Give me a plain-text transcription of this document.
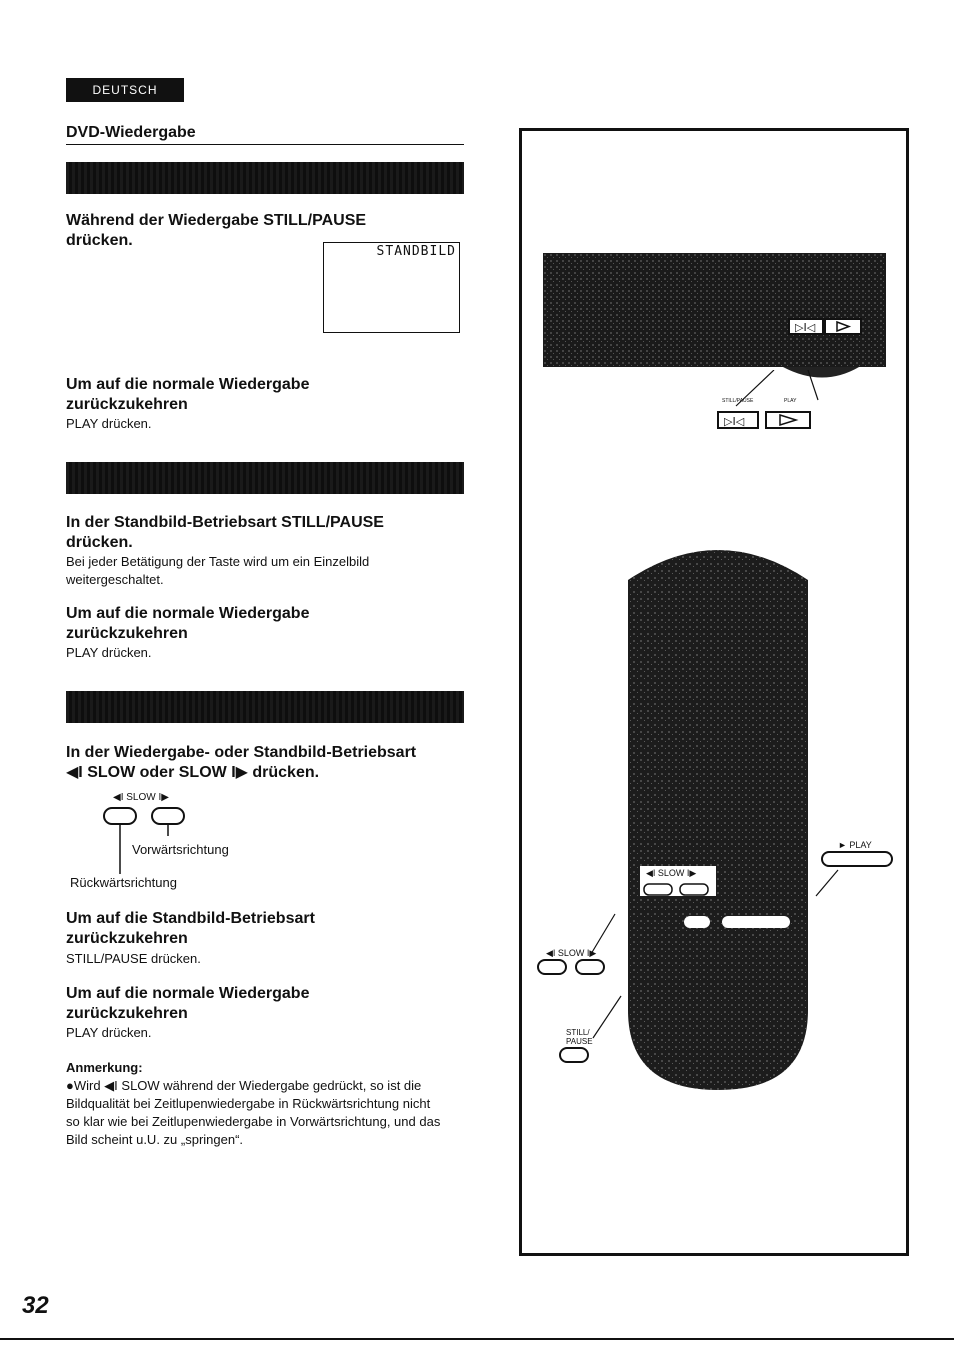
DEUTSCH
DVD-Wiedergabe
Während der Wiedergabe STILL/PAUSE drücken.
STANDBILD
Um auf die normale Wiedergabe zurückzukehren
PLAY drücken.
In der Standbild-Betriebsart STILL/PAUSE drücken.
Bei jeder Betätigung der Taste wird um ein Einzelbild weitergeschaltet.
Um auf die normale Wiedergabe zurückzukehren
PLAY drücken.
In der Wiedergabe- oder Standbild-Betriebsart
◀I SLOW oder SLOW I▶ drücken.
◀I SLOW I▶
Vorwärtsrichtung
Rückwärtsrichtung
Um auf die Standbild-Betriebsart zurückzukehren
STILL/PAUSE drücken.
Um auf die normale Wiedergabe zurückzukehren
PLAY drücken.
Anmerkung:
●Wird ◀I SLOW während der Wiedergabe gedrückt, so ist die Bildqualität bei Zeitlupenwiedergabe in Rückwärtsrichtung nicht so klar wie bei Zeitlupenwiedergabe in Vorwärtsrichtung, und das Bild scheint u.U. zu „springen“.
▷I◁
STILL/PAUSE	PLAY
▷I◁
◀I SLOW I▶
► PLAY
◀I SLOW I▶
STILL/ PAUSE
32
